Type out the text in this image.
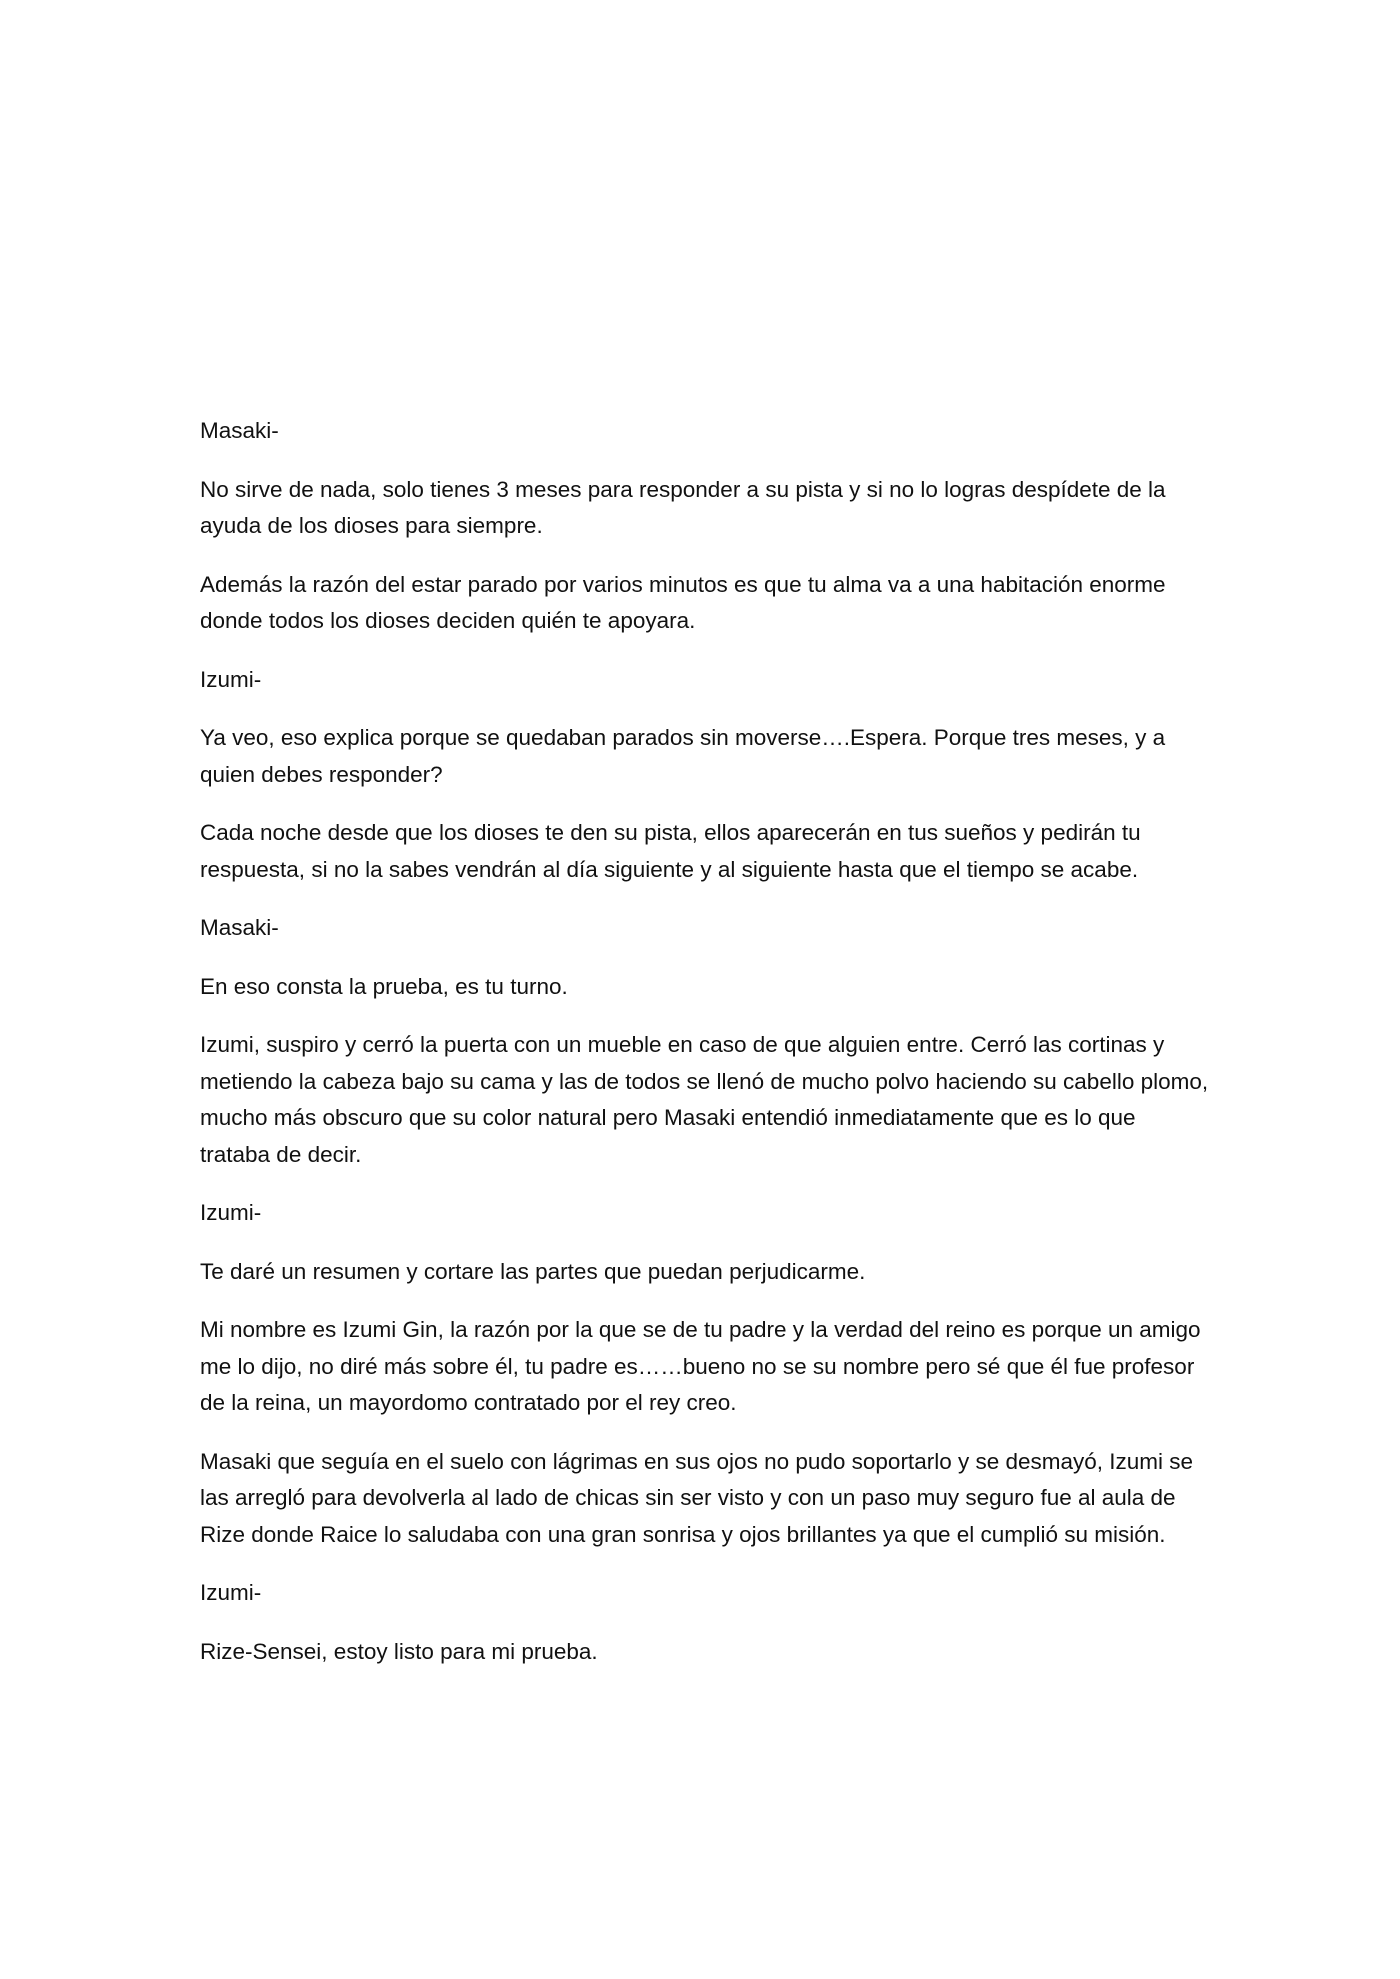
Masaki-

No sirve de nada, solo tienes 3 meses para responder a su pista y si no lo logras despídete de la ayuda de los dioses para siempre.

Además la razón del estar parado por varios minutos es que tu alma va a una habitación enorme donde todos los dioses deciden quién te apoyara.

Izumi-

Ya veo, eso explica porque se quedaban parados sin moverse….Espera. Porque tres meses, y a quien debes responder?

Cada noche desde que los dioses te den su pista, ellos aparecerán en tus sueños y pedirán tu respuesta, si no la sabes vendrán al día siguiente y al siguiente hasta que el tiempo se acabe.

Masaki-

En eso consta la prueba, es tu turno.

Izumi, suspiro y cerró la puerta con un mueble en caso de que alguien entre. Cerró las cortinas y metiendo la cabeza bajo su cama y las de todos se llenó de mucho polvo haciendo su cabello plomo, mucho más obscuro que su color natural pero Masaki entendió inmediatamente que es lo que trataba de decir.

Izumi-

Te daré un resumen y cortare las partes que puedan perjudicarme.

Mi nombre es Izumi Gin, la razón por la que se de tu padre y la verdad del reino es porque un amigo me lo dijo, no diré más sobre él, tu padre es……bueno no se su nombre pero sé que él fue profesor de la reina, un mayordomo contratado por el rey creo.

Masaki que seguía en el suelo con lágrimas en sus ojos no pudo soportarlo y se desmayó, Izumi se las arregló para devolverla al lado de chicas sin ser visto y con un paso muy seguro fue al aula de Rize donde Raice lo saludaba con una gran sonrisa y ojos brillantes ya que el cumplió su misión.

Izumi-

Rize-Sensei, estoy listo para mi prueba.
